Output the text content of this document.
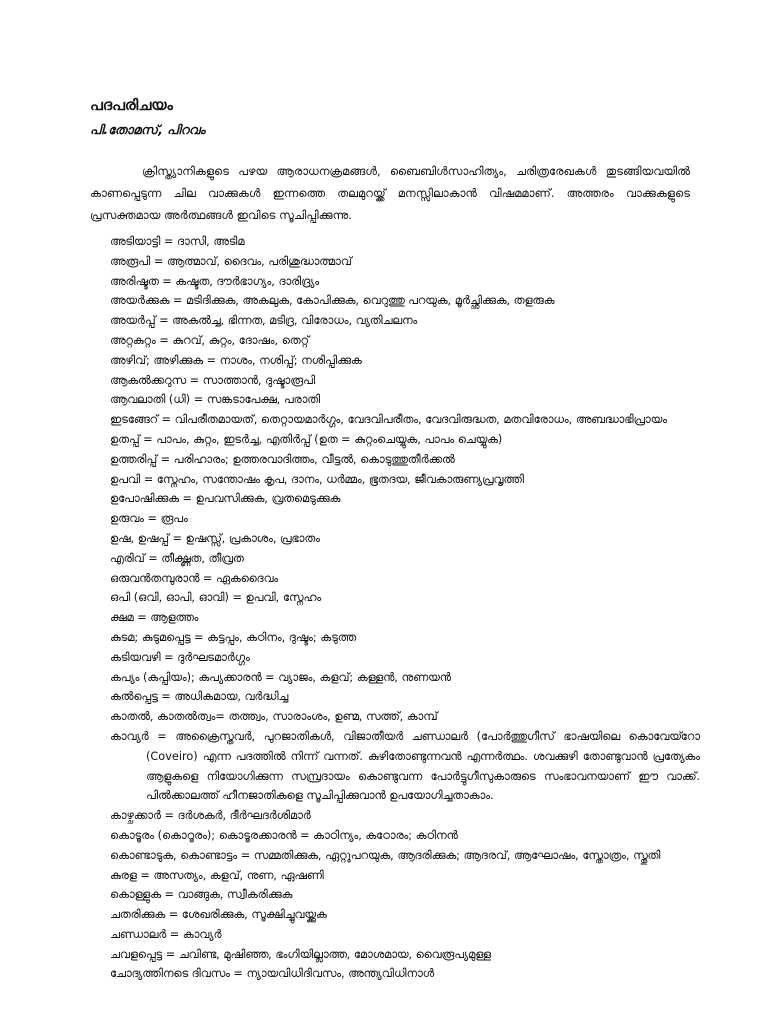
പദപരിചയം
പി.തോമസ്, പിറവം

ക്രിസ്ത്യാനികളുടെ പഴയ ആരാധനക്രമങ്ങൾ, ബൈബിൾസാഹിത്യം, ചരിത്രരേഖകൾ തുടങ്ങിയവയിൽ കാണപ്പെടുന്ന ചില വാക്കുകൾ ഇന്നത്തെ തലമുറയ്ക്ക് മനസ്സിലാകാൻ വിഷമമാണ്. അത്തരം വാക്കുകളുടെ പ്രസക്തമായ അർത്ഥങ്ങൾ ഇവിടെ സൂചിപ്പിക്കുന്നു.

അടിയാട്ടി = ദാസി, അടിമ
അരൂപി = ആത്മാവ്, ദൈവം, പരിശുദ്ധാത്മാവ്
അരിഷ്ടത = കഷ്ടത, ദൗർഭാഗ്യം, ദാരിദ്ര്യം
അയർക്കുക = മടിദിക്കുക, അകലുക, കോപിക്കുക, വെറുത്തു പറയുക, മൂർച്ഛിക്കുക, തളരുക
അയർപ്പ് = അകൽച്ച, ഭിന്നത, മടിദ്ര, വിരോധം, വ്യതിചലനം
അറ്റകുറ്റം = കുറവ്, കുറ്റം, ദോഷം, തെറ്റ്
അഴിവ്; അഴിക്കുക = നാശം, നശിപ്പ്; നശിപ്പിക്കുക
ആകൽക്കറുസ = സാത്താൻ, ദുഷ്ടാരൂപി
ആവലാതി (ധി) = സങ്കടാപേക്ഷ, പരാതി
ഇടങ്ങേറ് = വിപരീതമായത്, തെറ്റായമാർഗ്ഗം, വേദവിപരീതം, വേദവിരുദ്ധത, മതവിരോധം, അബദ്ധാഭിപ്രായം
ഉതപ്പ് = പാപം, കുറ്റം, ഇടർച്ച, എതിർപ്പ് (ഉത = കുറ്റംചെയ്യുക, പാപം ചെയ്യുക)
ഉത്തരിപ്പ് = പരിഹാരം; ഉത്തരവാദിത്തം, വീട്ടൽ, കൊടുത്തുതീർക്കൽ
ഉപവി = സ്നേഹം, സന്തോഷം കൃപ, ദാനം, ധർമ്മം, ഭൂതദയ, ജീവകാരുണ്യപ്രവൃത്തി
ഉപോഷിക്കുക = ഉപവസിക്കുക, വ്രതമെടുക്കുക
ഉരുവം = രൂപം
ഉഷ, ഉഷപ്പ് = ഉഷസ്സ്, പ്രകാശം, പ്രഭാതം
എരിവ് = തീക്ഷ്ണത, തീവ്രത
ഒരുവൻതമ്പുരാൻ = ഏകദൈവം
ഒപി (ഒവി, ഓപി, ഓവി) = ഉപവി, സ്നേഹം
ക്ഷമ = ആളത്തം
കുടമ; കുടുമപ്പെട്ട = കട്ടപ്പം, കഠിനം, ദുഷ്ടം; കടുത്ത
കടിയവഴി = ദുർഘടമാർഗ്ഗം
കപ്യം (കപ്പിയം); കപ്യക്കാരൻ = വ്യാജം, കളവ്; കള്ളൻ, നുണയൻ
കൽപ്പെട്ട = അധികമായ, വർദ്ധിച്ച
കാതൽ, കാതൽത്വം= തത്ത്വം, സാരാംശം, ഉണ്മ, സത്ത്, കാമ്പ്
കാവ്യർ = അക്രൈസ്തവർ, പുറജാതികൾ, വിജാതീയർ ചണ്ഡാലർ (പോർത്തുഗീസ് ഭാഷയിലെ കൊവേയ്റോ (Coveiro) എന്ന പദത്തിൽ നിന്ന് വന്നത്. കുഴിതോണ്ടുന്നവൻ എന്നർത്ഥം. ശവക്കുഴി തോണ്ടുവാൻ പ്രത്യേകം ആളുകളെ നിയോഗിക്കുന്ന സമ്പ്രദായം കൊണ്ടുവന്ന പോർട്ടുഗീസുകാരുടെ സംഭാവനയാണ് ഈ വാക്ക്. പിൽക്കാലത്ത് ഹീനജാതികളെ സൂചിപ്പിക്കുവാൻ ഉപയോഗിച്ചതാകാം.
കാഴ്ചക്കാർ = ദർശകർ, ദീർഘദർശിമാർ
കൊടൂരം (കൊറൂരം); കൊടൂരക്കാരൻ = കാഠിന്യം, കഠോരം; കഠിനൻ
കൊണ്ടാടുക, കൊണ്ടാട്ടം = സമ്മതിക്കുക, ഏറ്റുപറയുക, ആദരിക്കുക; ആദരവ്, ആഘോഷം, സ്തോത്രം, സ്തുതി
കുരള = അസത്യം, കളവ്, നുണ, ഏഷണി
കൊള്ളുക = വാങ്ങുക, സ്വീകരിക്കുക
ചതരിക്കുക = ശേഖരിക്കുക, സൂക്ഷിച്ചുവയ്ക്കുക
ചണ്ഡാലർ = കാവ്യർ
ചവളപ്പെട്ട = ചവിണ്ട, മുഷിഞ്ഞ, ഭംഗിയില്ലാത്ത, മോശമായ, വൈരൂപ്യമുള്ള
ചോദ്യത്തിനടെ ദിവസം = ന്യായവിധിദിവസം, അന്ത്യവിധിനാൾ
